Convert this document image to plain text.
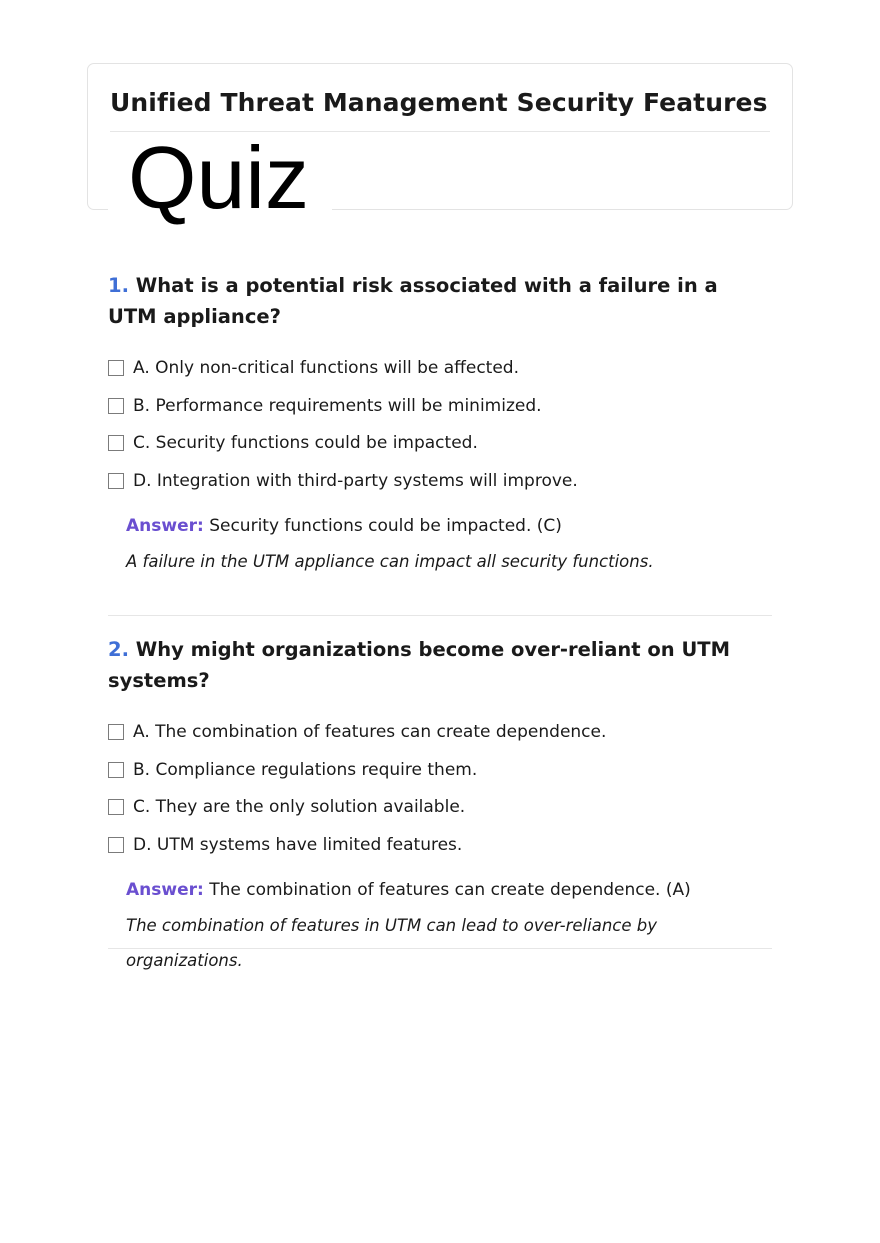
Unified Threat Management Security Features
Quiz

1. What is a potential risk associated with a failure in a UTM appliance?

A. Only non-critical functions will be affected.
B. Performance requirements will be minimized.
C. Security functions could be impacted.
D. Integration with third-party systems will improve.
Answer: Security functions could be impacted. (C)
A failure in the UTM appliance can impact all security functions.

2. Why might organizations become over-reliant on UTM systems?

A. The combination of features can create dependence.
B. Compliance regulations require them.
C. They are the only solution available.
D. UTM systems have limited features.
Answer: The combination of features can create dependence. (A)
The combination of features in UTM can lead to over-reliance by organizations.
